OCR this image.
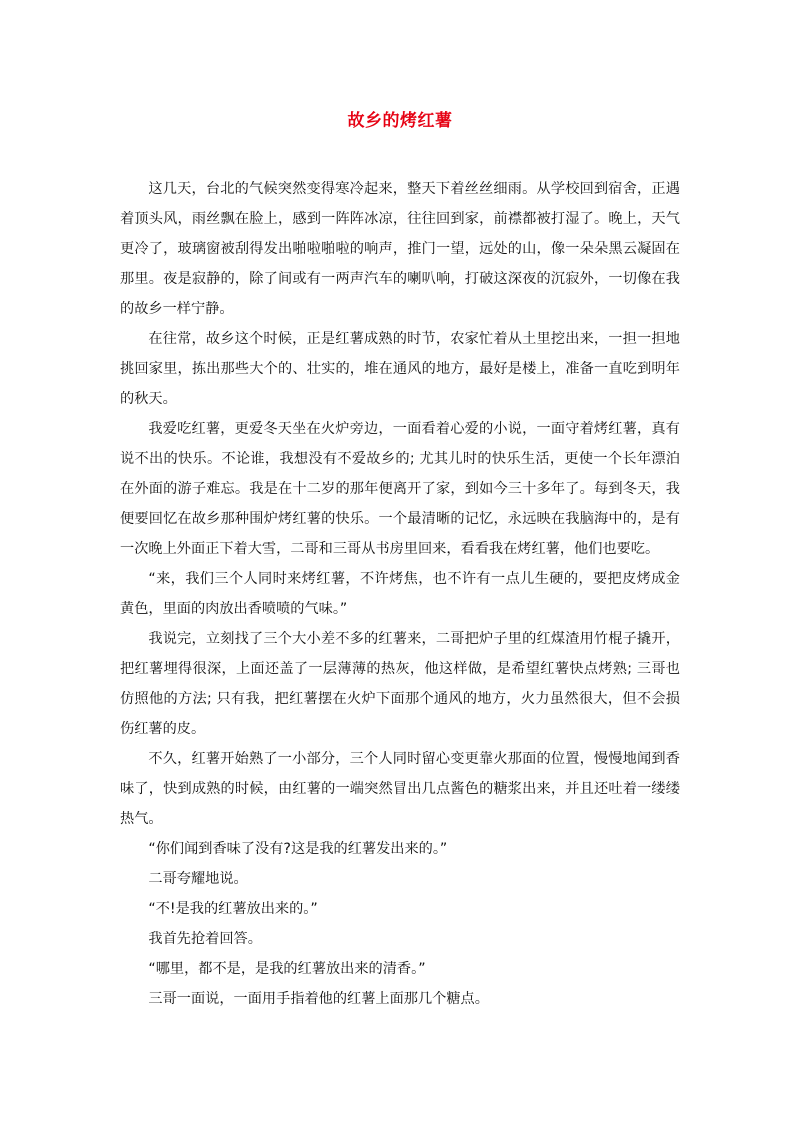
故乡的烤红薯

这几天，台北的气候突然变得寒冷起来，整天下着丝丝细雨。从学校回到宿舍，正遇着顶头风，雨丝飘在脸上，感到一阵阵冰凉，往往回到家，前襟都被打湿了。晚上，天气更冷了，玻璃窗被刮得发出啪啦啪啦的响声，推门一望，远处的山，像一朵朵黑云凝固在那里。夜是寂静的，除了间或有一两声汽车的喇叭响，打破这深夜的沉寂外，一切像在我的故乡一样宁静。

在往常，故乡这个时候，正是红薯成熟的时节，农家忙着从土里挖出来，一担一担地挑回家里，拣出那些大个的、壮实的，堆在通风的地方，最好是楼上，准备一直吃到明年的秋天。

我爱吃红薯，更爱冬天坐在火炉旁边，一面看着心爱的小说，一面守着烤红薯，真有说不出的快乐。不论谁，我想没有不爱故乡的; 尤其儿时的快乐生活，更使一个长年漂泊在外面的游子难忘。我是在十二岁的那年便离开了家，到如今三十多年了。每到冬天，我便要回忆在故乡那种围炉烤红薯的快乐。一个最清晰的记忆，永远映在我脑海中的，是有一次晚上外面正下着大雪，二哥和三哥从书房里回来，看看我在烤红薯，他们也要吃。

“来，我们三个人同时来烤红薯，不许烤焦，也不许有一点儿生硬的，要把皮烤成金黄色，里面的肉放出香喷喷的气味。”

我说完，立刻找了三个大小差不多的红薯来，二哥把炉子里的红煤渣用竹棍子撬开，把红薯埋得很深，上面还盖了一层薄薄的热灰，他这样做，是希望红薯快点烤熟; 三哥也仿照他的方法; 只有我，把红薯摆在火炉下面那个通风的地方，火力虽然很大，但不会损伤红薯的皮。

不久，红薯开始熟了一小部分，三个人同时留心变更靠火那面的位置，慢慢地闻到香味了，快到成熟的时候，由红薯的一端突然冒出几点酱色的糖浆出来，并且还吐着一缕缕热气。

“你们闻到香味了没有?这是我的红薯发出来的。”

二哥夸耀地说。

“不!是我的红薯放出来的。”

我首先抢着回答。

“哪里，都不是，是我的红薯放出来的清香。”

三哥一面说，一面用手指着他的红薯上面那几个糖点。
